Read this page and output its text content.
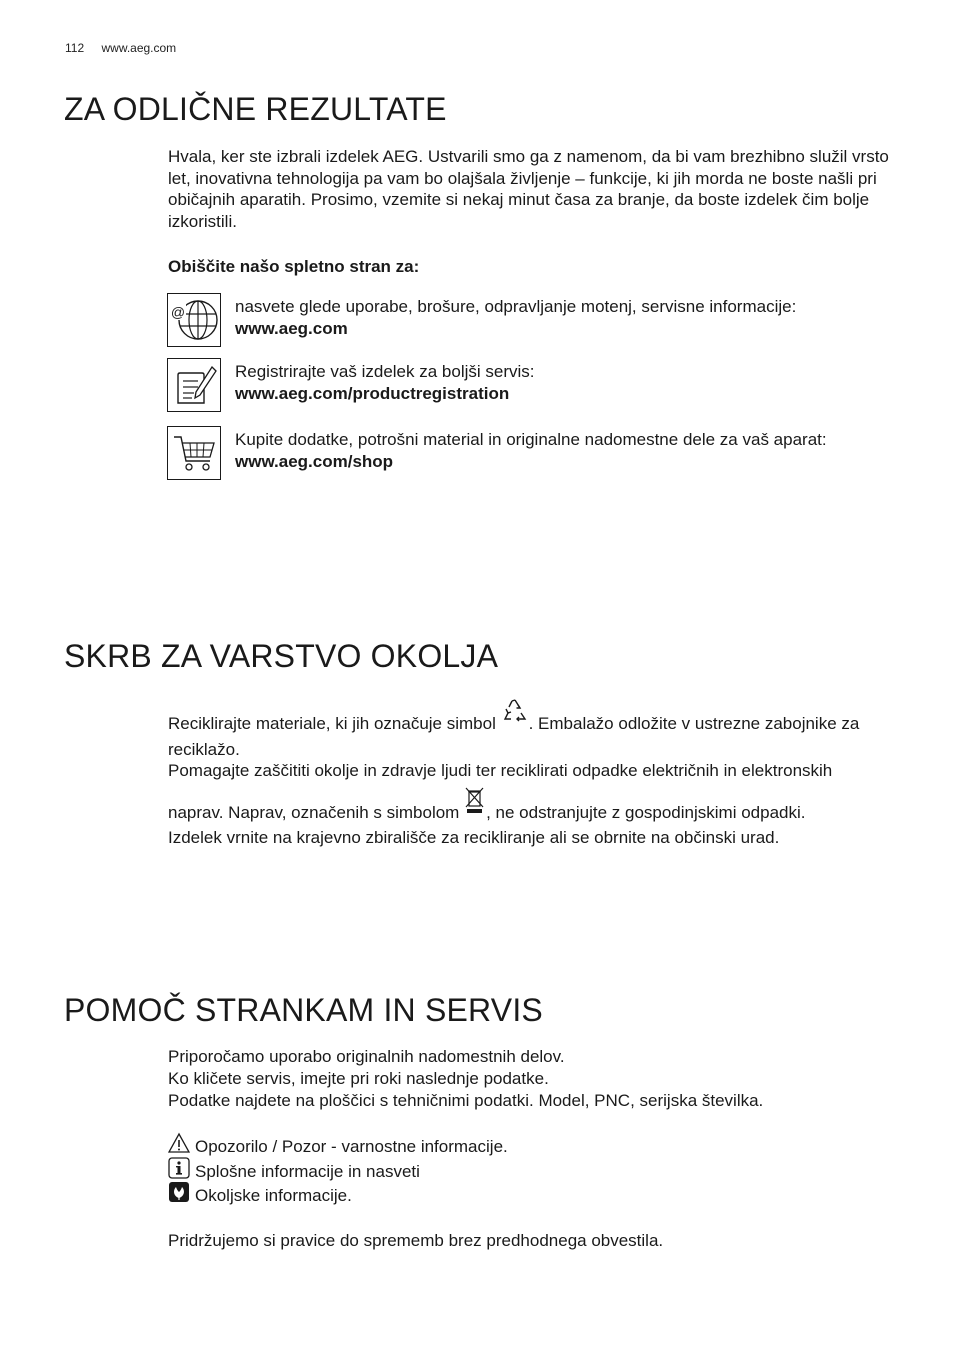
112 www.aeg.com
ZA ODLIČNE REZULTATE

Hvala, ker ste izbrali izdelek AEG. Ustvarili smo ga z namenom, da bi vam brezhibno služil vrsto let, inovativna tehnologija pa vam bo olajšala življenje – funkcije, ki jih morda ne boste našli pri običajnih aparatih. Prosimo, vzemite si nekaj minut časa za branje, da boste izdelek čim bolje izkoristili.

Obiščite našo spletno stran za:
@	nasvete glede uporabe, brošure, odpravljanje motenj, servisne informacije:
www.aeg.com
Registrirajte vaš izdelek za boljši servis:
www.aeg.com/productregistration
Kupite dodatke, potrošni material in originalne nadomestne dele za vaš aparat:
www.aeg.com/shop
SKRB ZA VARSTVO OKOLJA

Reciklirajte materiale, ki jih označuje simbol . Embalažo odložite v ustrezne zabojnike za

reciklažo.

Pomagajte zaščititi okolje in zdravje ljudi ter reciklirati odpadke električnih in elektronskih

naprav. Naprav, označenih s simbolom , ne odstranjujte z gospodinjskimi odpadki.

Izdelek vrnite na krajevno zbirališče za recikliranje ali se obrnite na občinski urad.

POMOČ STRANKAM IN SERVIS

Priporočamo uporabo originalnih nadomestnih delov.

Ko kličete servis, imejte pri roki naslednje podatke.

Podatke najdete na ploščici s tehničnimi podatki. Model, PNC, serijska številka.

Opozorilo / Pozor - varnostne informacije.
Splošne informacije in nasveti
Okoljske informacije.
Pridržujemo si pravice do sprememb brez predhodnega obvestila.
